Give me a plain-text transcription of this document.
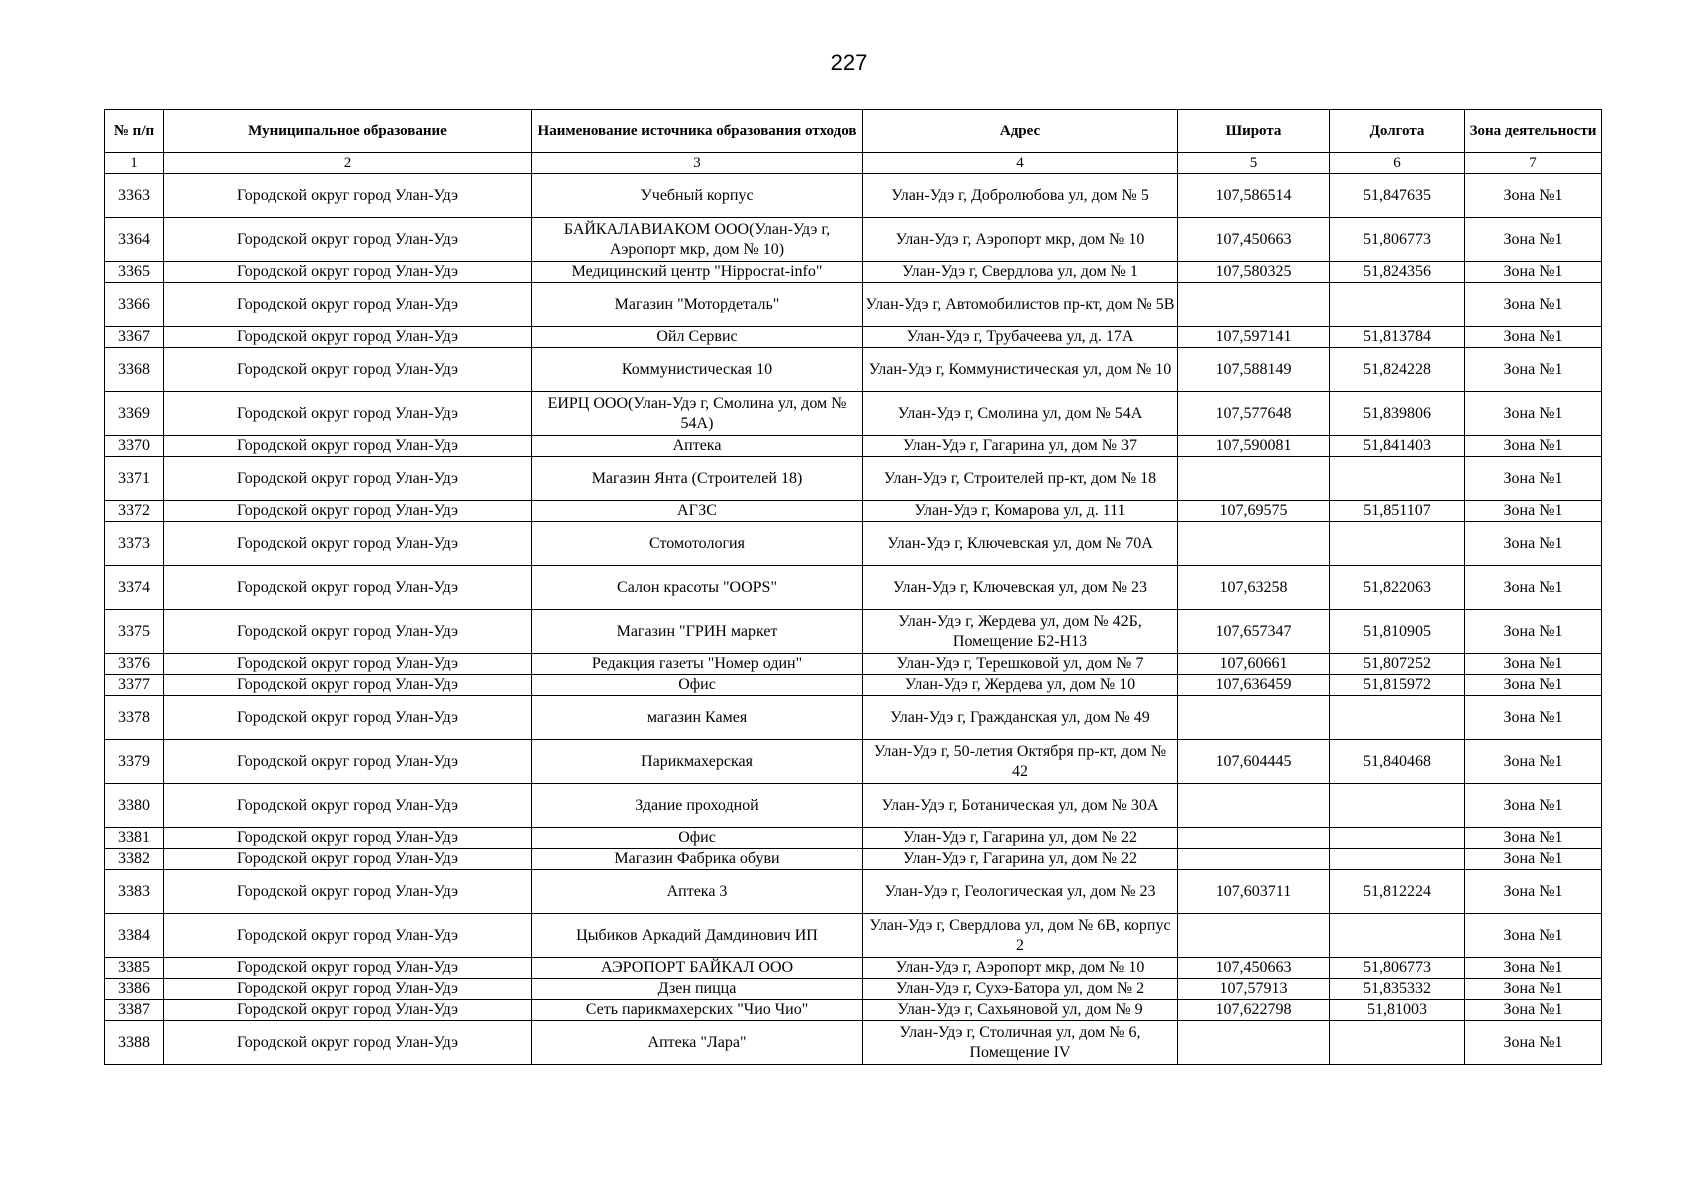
227
№ п/п	Муниципальное образование	Наименование источника образования отходов	Адрес	Широта	Долгота	Зона деятельности
1	2	3	4	5	6	7
3363	Городской округ город Улан-Удэ	Учебный корпус	Улан-Удэ г, Добролюбова ул, дом № 5	107,586514	51,847635	Зона №1
3364	Городской округ город Улан-Удэ	БАЙКАЛАВИАКОМ ООО(Улан-Удэ г, Аэропорт мкр, дом № 10)	Улан-Удэ г, Аэропорт мкр, дом № 10	107,450663	51,806773	Зона №1
3365	Городской округ город Улан-Удэ	Медицинский центр "Hippocrat-info"	Улан-Удэ г, Свердлова ул, дом № 1	107,580325	51,824356	Зона №1
3366	Городской округ город Улан-Удэ	Магазин "Мотордеталь"	Улан-Удэ г, Автомобилистов пр-кт, дом № 5В			Зона №1
3367	Городской округ город Улан-Удэ	Ойл Сервис	Улан-Удэ г, Трубачеева ул, д. 17А	107,597141	51,813784	Зона №1
3368	Городской округ город Улан-Удэ	Коммунистическая 10	Улан-Удэ г, Коммунистическая ул, дом № 10	107,588149	51,824228	Зона №1
3369	Городской округ город Улан-Удэ	ЕИРЦ ООО(Улан-Удэ г, Смолина ул, дом № 54А)	Улан-Удэ г, Смолина ул, дом № 54А	107,577648	51,839806	Зона №1
3370	Городской округ город Улан-Удэ	Аптека	Улан-Удэ г, Гагарина ул, дом № 37	107,590081	51,841403	Зона №1
3371	Городской округ город Улан-Удэ	Магазин Янта (Строителей 18)	Улан-Удэ г, Строителей пр-кт, дом № 18			Зона №1
3372	Городской округ город Улан-Удэ	АГЗС	Улан-Удэ г, Комарова ул, д. 111	107,69575	51,851107	Зона №1
3373	Городской округ город Улан-Удэ	Стомотология	Улан-Удэ г, Ключевская ул, дом № 70А			Зона №1
3374	Городской округ город Улан-Удэ	Салон красоты "OOPS"	Улан-Удэ г, Ключевская ул, дом № 23	107,63258	51,822063	Зона №1
3375	Городской округ город Улан-Удэ	Магазин "ГРИН маркет	Улан-Удэ г, Жердева ул, дом № 42Б, Помещение Б2-Н13	107,657347	51,810905	Зона №1
3376	Городской округ город Улан-Удэ	Редакция газеты "Номер один"	Улан-Удэ г, Терешковой ул, дом № 7	107,60661	51,807252	Зона №1
3377	Городской округ город Улан-Удэ	Офис	Улан-Удэ г, Жердева ул, дом № 10	107,636459	51,815972	Зона №1
3378	Городской округ город Улан-Удэ	магазин Камея	Улан-Удэ г, Гражданская ул, дом № 49			Зона №1
3379	Городской округ город Улан-Удэ	Парикмахерская	Улан-Удэ г, 50-летия Октября пр-кт, дом № 42	107,604445	51,840468	Зона №1
3380	Городской округ город Улан-Удэ	Здание проходной	Улан-Удэ г, Ботаническая ул, дом № 30А			Зона №1
3381	Городской округ город Улан-Удэ	Офис	Улан-Удэ г, Гагарина ул, дом № 22			Зона №1
3382	Городской округ город Улан-Удэ	Магазин Фабрика обуви	Улан-Удэ г, Гагарина ул, дом № 22			Зона №1
3383	Городской округ город Улан-Удэ	Аптека 3	Улан-Удэ г, Геологическая ул, дом № 23	107,603711	51,812224	Зона №1
3384	Городской округ город Улан-Удэ	Цыбиков Аркадий Дамдинович ИП	Улан-Удэ г, Свердлова ул, дом № 6В, корпус 2			Зона №1
3385	Городской округ город Улан-Удэ	АЭРОПОРТ БАЙКАЛ ООО	Улан-Удэ г, Аэропорт мкр, дом № 10	107,450663	51,806773	Зона №1
3386	Городской округ город Улан-Удэ	Дзен пицца	Улан-Удэ г, Сухэ-Батора ул, дом № 2	107,57913	51,835332	Зона №1
3387	Городской округ город Улан-Удэ	Сеть парикмахерских "Чио Чио"	Улан-Удэ г, Сахьяновой ул, дом № 9	107,622798	51,81003	Зона №1
3388	Городской округ город Улан-Удэ	Аптека "Лара"	Улан-Удэ г, Столичная ул, дом № 6, Помещение IV			Зона №1
